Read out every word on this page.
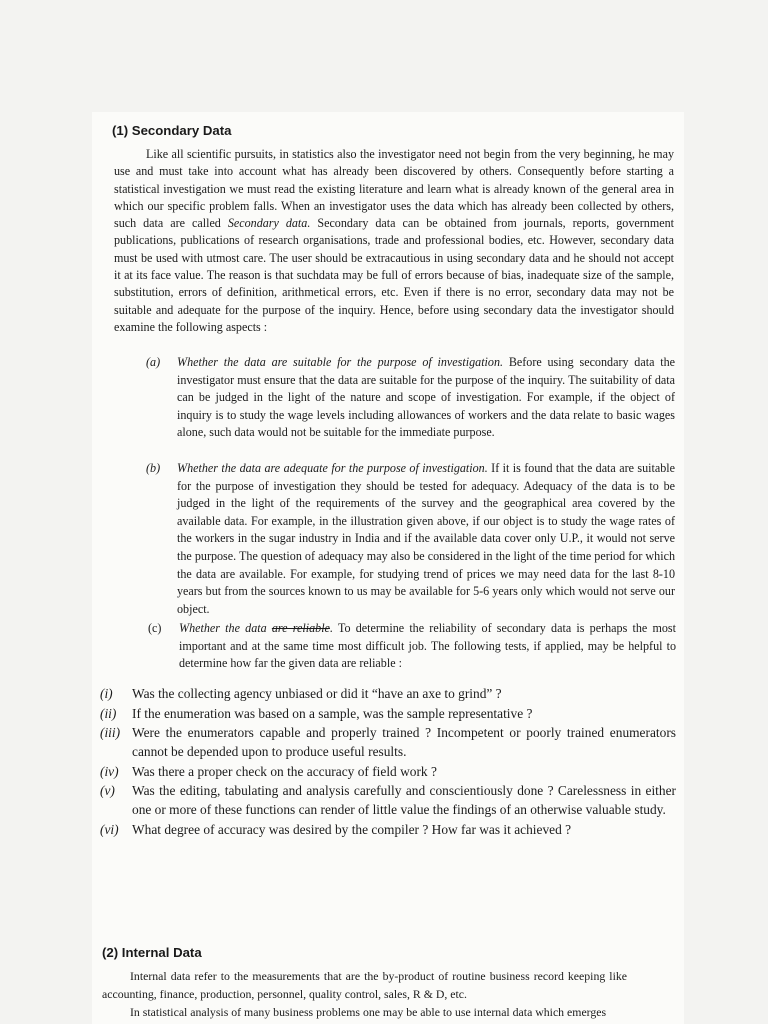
(1) Secondary Data

Like all scientific pursuits, in statistics also the investigator need not begin from the very beginning, he may use and must take into account what has already been discovered by others. Consequently before starting a statistical investigation we must read the existing literature and learn what is already known of the general area in which our specific problem falls. When an investigator uses the data which has already been collected by others, such data are called Secondary data. Secondary data can be obtained from journals, reports, government publications, publications of research organisations, trade and professional bodies, etc. However, secondary data must be used with utmost care. The user should be extracautious in using secondary data and he should not accept it at its face value. The reason is that suchdata may be full of errors because of bias, inadequate size of the sample, substitution, errors of definition, arithmetical errors, etc. Even if there is no error, secondary data may not be suitable and adequate for the purpose of the inquiry. Hence, before using secondary data the investigator should examine the following aspects :

(a)	Whether the data are suitable for the purpose of investigation. Before using secondary data the investigator must ensure that the data are suitable for the purpose of the inquiry. The suitability of data can be judged in the light of the nature and scope of investigation. For example, if the object of inquiry is to study the wage levels including allowances of workers and the data relate to basic wages alone, such data would not be suitable for the immediate purpose.

(b)	Whether the data are adequate for the purpose of investigation. If it is found that the data are suitable for the purpose of investigation they should be tested for adequacy. Adequacy of the data is to be judged in the light of the requirements of the survey and the geographical area covered by the available data. For example, in the illustration given above, if our object is to study the wage rates of the workers in the sugar industry in India and if the available data cover only U.P., it would not serve the purpose. The question of adequacy may also be considered in the light of the time period for which the data are available. For example, for studying trend of prices we may need data for the last 8-10 years but from the sources known to us may be available for 5-6 years only which would not serve our object.

(c)	Whether the data are reliable. To determine the reliability of secondary data is perhaps the most important and at the same time most difficult job. The following tests, if applied, may be helpful to determine how far the given data are reliable :

(i)	Was the collecting agency unbiased or did it “have an axe to grind” ?
(ii)	If the enumeration was based on a sample, was the sample representative ?
(iii) Were the enumerators capable and properly trained ? Incompetent or poorly trained enumerators cannot be depended upon to produce useful results.
(iv)	Was there a proper check on the accuracy of field work ?
(v)	Was the editing, tabulating and analysis carefully and conscientiously done ? Carelessness in either one or more of these functions can render of little value the findings of an otherwise valuable study.
(vi)	What degree of accuracy was desired by the compiler ? How far was it achieved ?
(2) Internal Data

Internal data refer to the measurements that are the by-product of routine business record keeping like accounting, finance, production, personnel, quality control, sales, R & D, etc.

In statistical analysis of many business problems one may be able to use internal data which emerges
